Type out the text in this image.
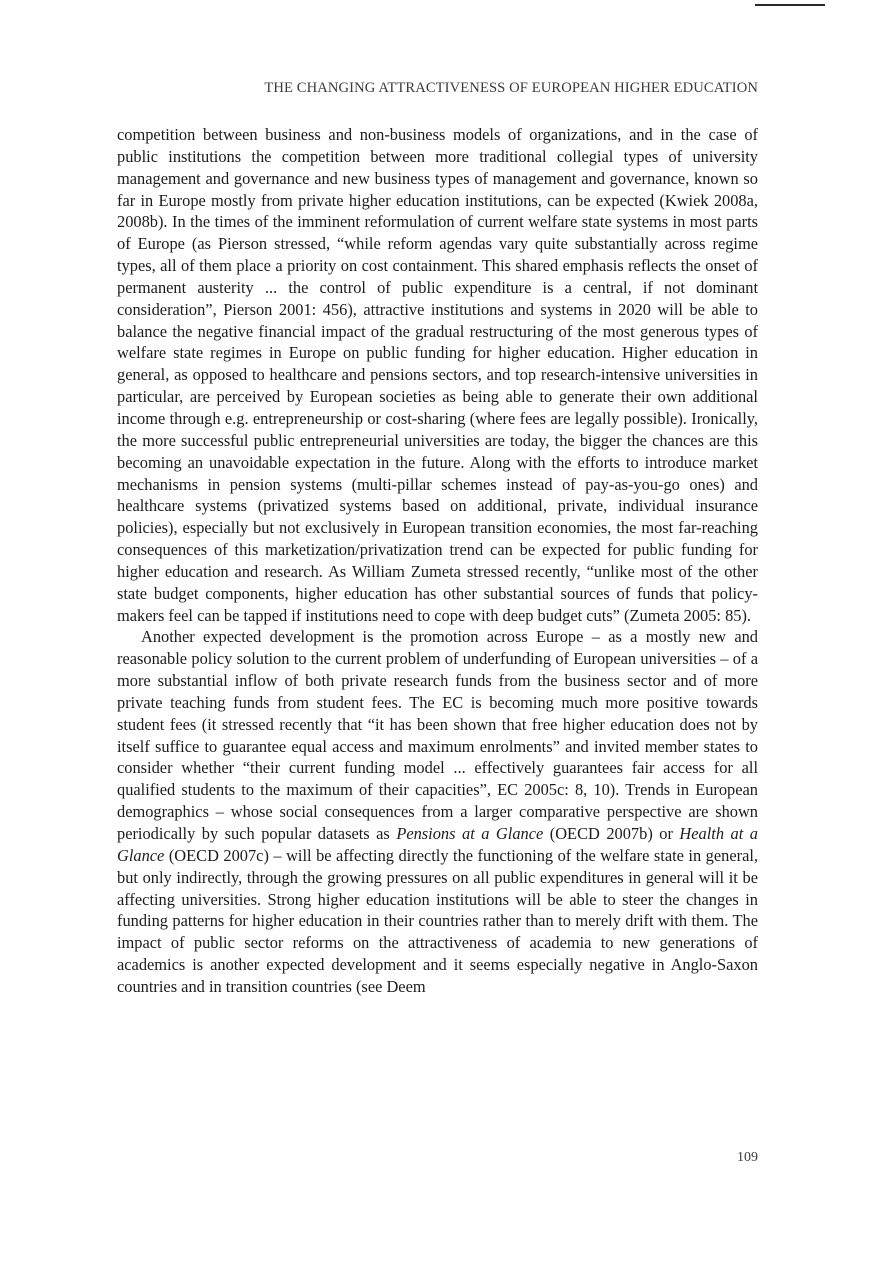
THE CHANGING ATTRACTIVENESS OF EUROPEAN HIGHER EDUCATION

competition between business and non-business models of organizations, and in the case of public institutions the competition between more traditional collegial types of university management and governance and new business types of management and governance, known so far in Europe mostly from private higher education institutions, can be expected (Kwiek 2008a, 2008b). In the times of the imminent reformulation of current welfare state systems in most parts of Europe (as Pierson stressed, “while reform agendas vary quite substantially across regime types, all of them place a priority on cost containment. This shared emphasis reflects the onset of permanent austerity ... the control of public expenditure is a central, if not dominant consideration”, Pierson 2001: 456), attractive institutions and systems in 2020 will be able to balance the negative financial impact of the gradual restructuring of the most generous types of welfare state regimes in Europe on public funding for higher education. Higher education in general, as opposed to healthcare and pensions sectors, and top research-intensive universities in particular, are perceived by European societies as being able to generate their own additional income through e.g. entrepreneurship or cost-sharing (where fees are legally possible). Ironically, the more successful public entrepreneurial universities are today, the bigger the chances are this becoming an unavoidable expectation in the future. Along with the efforts to introduce market mechanisms in pension systems (multi-pillar schemes instead of pay-as-you-go ones) and healthcare systems (privatized systems based on additional, private, individual insurance policies), especially but not exclusively in European transition economies, the most far-reaching consequences of this marketization/privatization trend can be expected for public funding for higher education and research. As William Zumeta stressed recently, “unlike most of the other state budget components, higher education has other substantial sources of funds that policy-makers feel can be tapped if institutions need to cope with deep budget cuts” (Zumeta 2005: 85).

Another expected development is the promotion across Europe – as a mostly new and reasonable policy solution to the current problem of underfunding of European universities – of a more substantial inflow of both private research funds from the business sector and of more private teaching funds from student fees. The EC is becoming much more positive towards student fees (it stressed recently that “it has been shown that free higher education does not by itself suffice to guarantee equal access and maximum enrolments” and invited member states to consider whether “their current funding model ... effectively guarantees fair access for all qualified students to the maximum of their capacities”, EC 2005c: 8, 10). Trends in European demographics – whose social consequences from a larger comparative perspective are shown periodically by such popular datasets as Pensions at a Glance (OECD 2007b) or Health at a Glance (OECD 2007c) – will be affecting directly the functioning of the welfare state in general, but only indirectly, through the growing pressures on all public expenditures in general will it be affecting universities. Strong higher education institutions will be able to steer the changes in funding patterns for higher education in their countries rather than to merely drift with them. The impact of public sector reforms on the attractiveness of academia to new generations of academics is another expected development and it seems especially negative in Anglo-Saxon countries and in transition countries (see Deem

109
